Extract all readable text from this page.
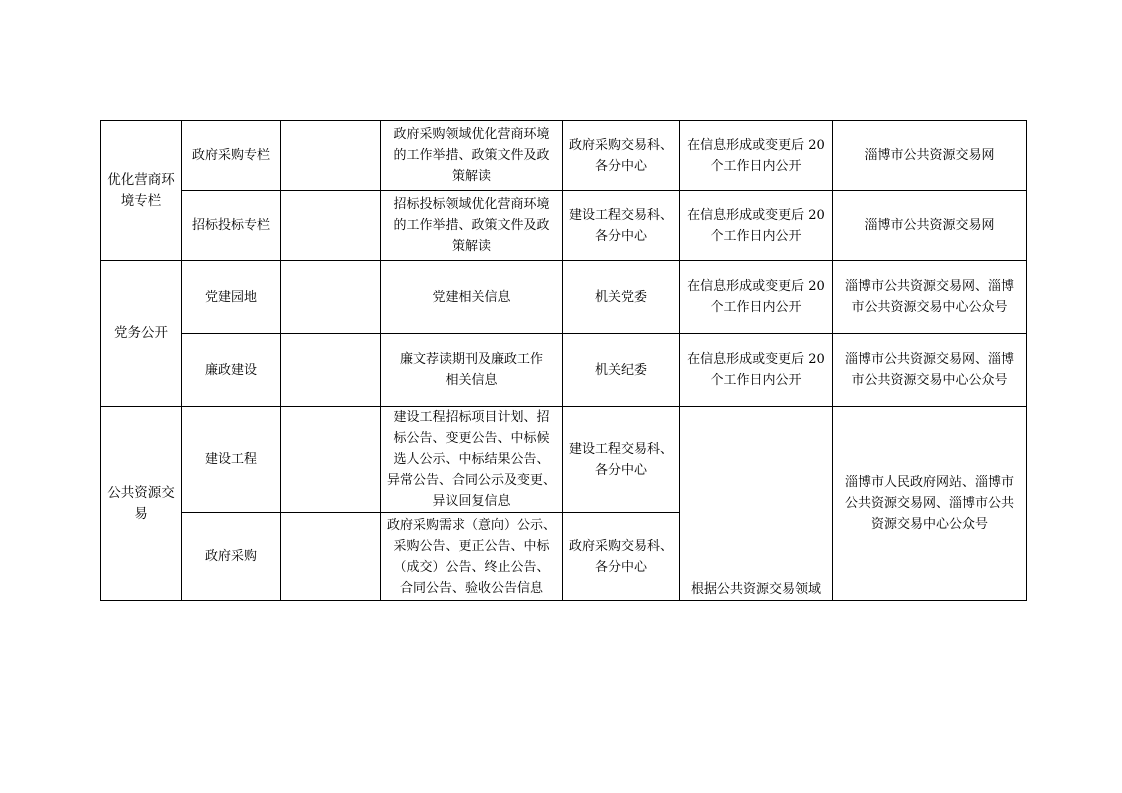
优化营商环境专栏	政府采购专栏		政府采购领域优化营商环境
的工作举措、政策文件及政
策解读	政府采购交易科、
各分中心	在信息形成或变更后 20
个工作日内公开	淄博市公共资源交易网

	招标投标专栏		招标投标领域优化营商环境
的工作举措、政策文件及政
策解读	建设工程交易科、
各分中心	在信息形成或变更后 20
个工作日内公开	淄博市公共资源交易网

党务公开	党建园地		党建相关信息	机关党委	在信息形成或变更后 20
个工作日内公开	淄博市公共资源交易网、淄博
市公共资源交易中心公众号

	廉政建设		廉文荐读期刊及廉政工作
相关信息	机关纪委	在信息形成或变更后 20
个工作日内公开	淄博市公共资源交易网、淄博
市公共资源交易中心公众号

公共资源交易	建设工程		建设工程招标项目计划、招
标公告、变更公告、中标候
选人公示、中标结果公告、
异常公告、合同公示及变更、
异议回复信息	建设工程交易科、
各分中心	根据公共资源交易领域	淄博市人民政府网站、淄博市
公共资源交易网、淄博市公共
资源交易中心公众号

	政府采购		政府采购需求（意向）公示、
采购公告、更正公告、中标
（成交）公告、终止公告、
合同公告、验收公告信息	政府采购交易科、
各分中心		
